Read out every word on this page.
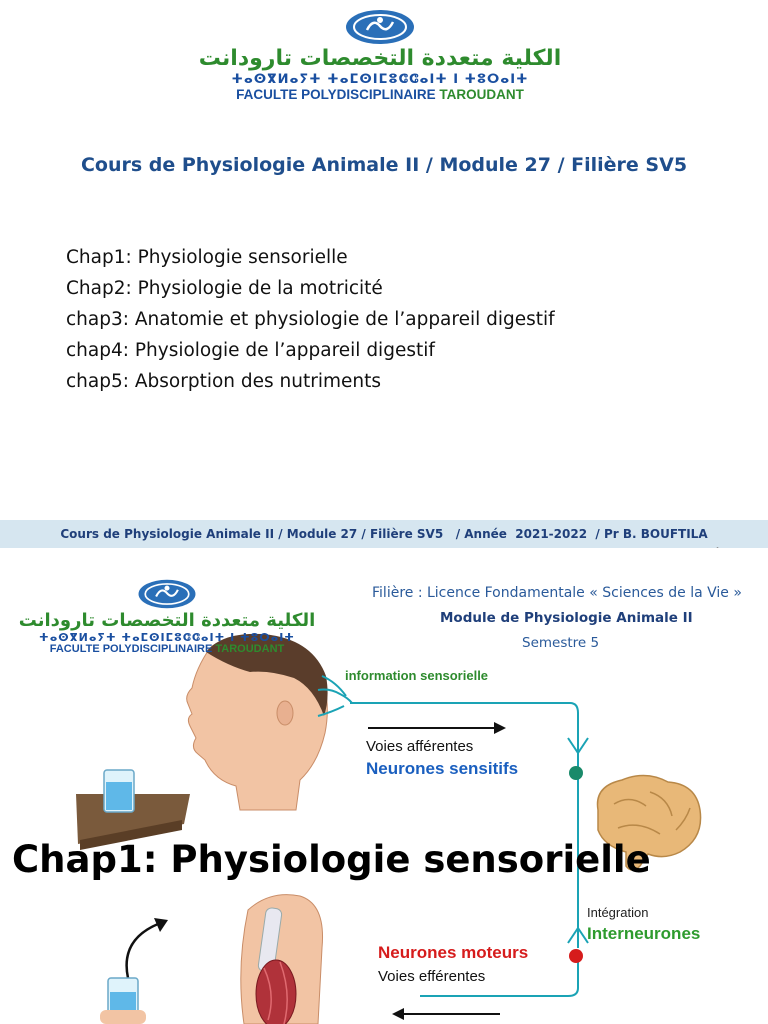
الكلية متعددة التخصصات تارودانت
ⵜⴰⵙⴳⵍⴰⵢⵜ ⵜⴰⵎⵙⵏⵎⵓⵛⵛⴰⵏⵜ ⵏ ⵜⵓⵔⴰⵏⵜ
FACULTE POLYDISCIPLINAIRE TAROUDANT
Cours de Physiologie Animale II / Module 27 / Filière SV5
Chap1: Physiologie sensorielle
Chap2: Physiologie de la motricité
chap3: Anatomie et physiologie de l’appareil digestif
chap4: Physiologie de l’appareil digestif
chap5: Absorption des nutriments
Cours de Physiologie Animale II / Module 27 / Filière SV5   / Année  2021-2022  / Pr B. BOUFTILA
الكلية متعددة التخصصات تارودانت
ⵜⴰⵙⴳⵍⴰⵢⵜ ⵜⴰⵎⵙⵏⵎⵓⵛⵛⴰⵏⵜ ⵏ ⵜⵓⵔⴰⵏⵜ
FACULTE POLYDISCIPLINAIRE TAROUDANT
Filière : Licence Fondamentale « Sciences de la Vie »
Module de Physiologie Animale II
Semestre 5
information sensorielle
Voies afférentes
Neurones sensitifs
Intégration
Interneurones
Neurones moteurs
Voies efférentes
Chap1: Physiologie sensorielle
